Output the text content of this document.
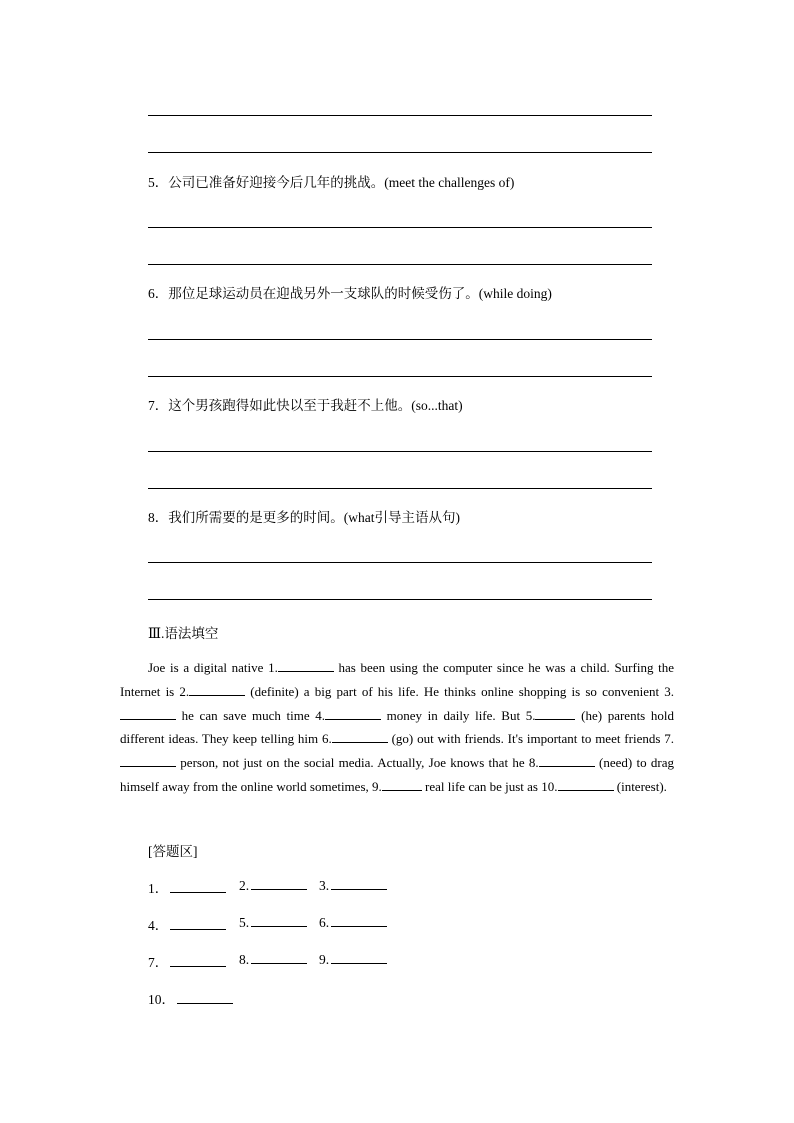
5．公司已准备好迎接今后几年的挑战。(meet the challenges of)
6．那位足球运动员在迎战另外一支球队的时候受伤了。(while doing)
7．这个男孩跑得如此快以至于我赶不上他。(so...that)
8．我们所需要的是更多的时间。(what引导主语从句)
Ⅲ.语法填空

Joe is a digital native 1.	has been using the computer since he was a child. Surfing the Internet is 2.	(definite) a big part of his life. He thinks online shopping is so convenient 3. he can save much time 4.	money in daily life. But 5.	(he) parents hold different ideas. They keep telling him 6.	(go) out with friends. It's important to meet friends 7. person, not just on the social media. Actually, Joe knows that he 8.	(need) to drag himself away from the online world sometimes, 9.	real life can be just as 10.	(interest).

[答题区]
1．	2.	3.
4．	5.	6.
7．	8.	9.
10．
